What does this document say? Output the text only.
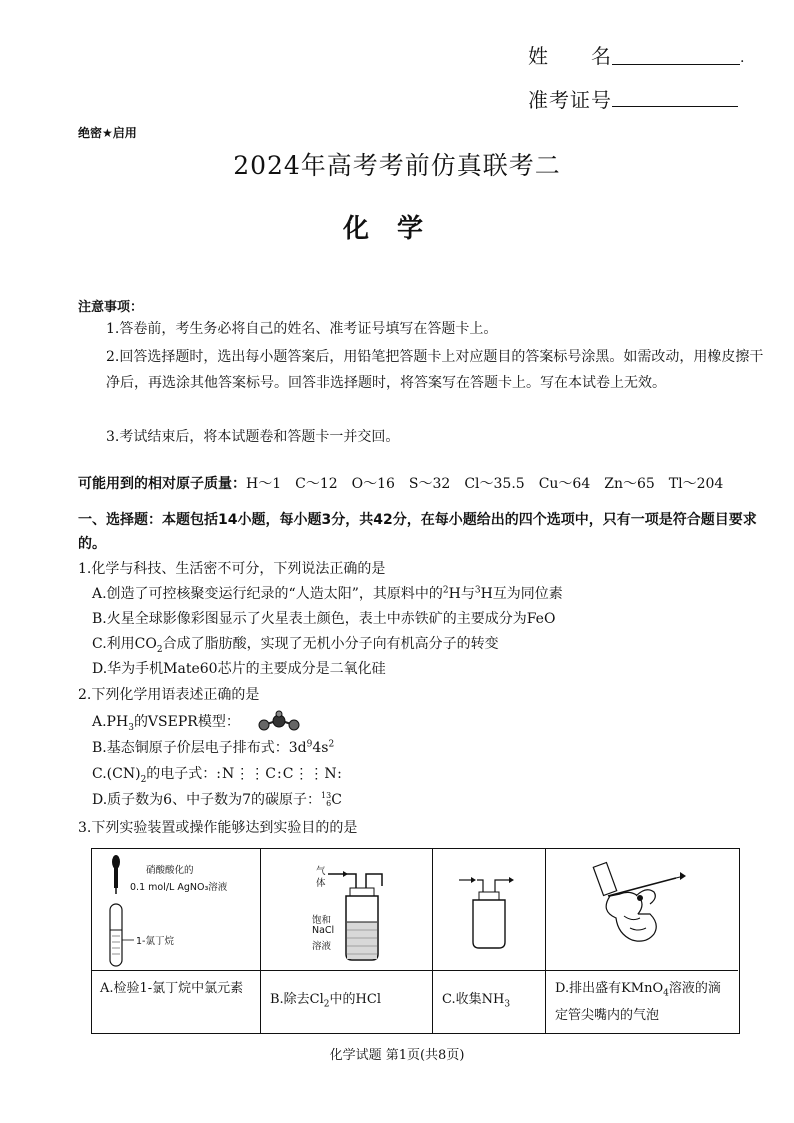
姓　　名	.
准考证号
绝密★启用
2024年高考考前仿真联考二
化学
注意事项：
1.答卷前，考生务必将自己的姓名、准考证号填写在答题卡上。
2.回答选择题时，选出每小题答案后，用铅笔把答题卡上对应题目的答案标号涂黑。如需改动，用橡皮擦干净后，再选涂其他答案标号。回答非选择题时，将答案写在答题卡上。写在本试卷上无效。
3.考试结束后，将本试题卷和答题卡一并交回。
可能用到的相对原子质量：H～1　C～12　O～16　S～32　Cl～35.5　Cu～64　Zn～65　Tl～204
一、选择题：本题包括14小题，每小题3分，共42分，在每小题给出的四个选项中，只有一项是符合题目要求的。
1.化学与科技、生活密不可分，下列说法正确的是
A.创造了可控核聚变运行纪录的“人造太阳”，其原料中的$^2$H与$^3$H互为同位素
B.火星全球影像彩图显示了火星表土颜色，表土中赤铁矿的主要成分为FeO
C.利用$CO_2$合成了脂肪酸，实现了无机小分子向有机高分子的转变
D.华为手机Mate60芯片的主要成分是二氧化硅
2.下列化学用语表述正确的是
$A.PH_3$的VSEPR模型：
B.基态铜原子价层电子排布式：$3d^94s^2$
$C.(CN)_2$的电子式：:N⋮⋮C:C⋮⋮N:
D.质子数为6、中子数为7的碳原子：13
6C
3.下列实验装置或操作能够达到实验目的的是
硝酸酸化的
0.1 mol/L AgNO₃溶液
1-氯丁烷
气体
饱和
NaCl
溶液
A.检验1-氯丁烷中氯元素
B.除去$Cl_2$中的HCl	C.收集$NH_3$
D.排出盛有KMnO$_4$溶液的滴定管尖嘴内的气泡
化学试题 第1页(共8页)
